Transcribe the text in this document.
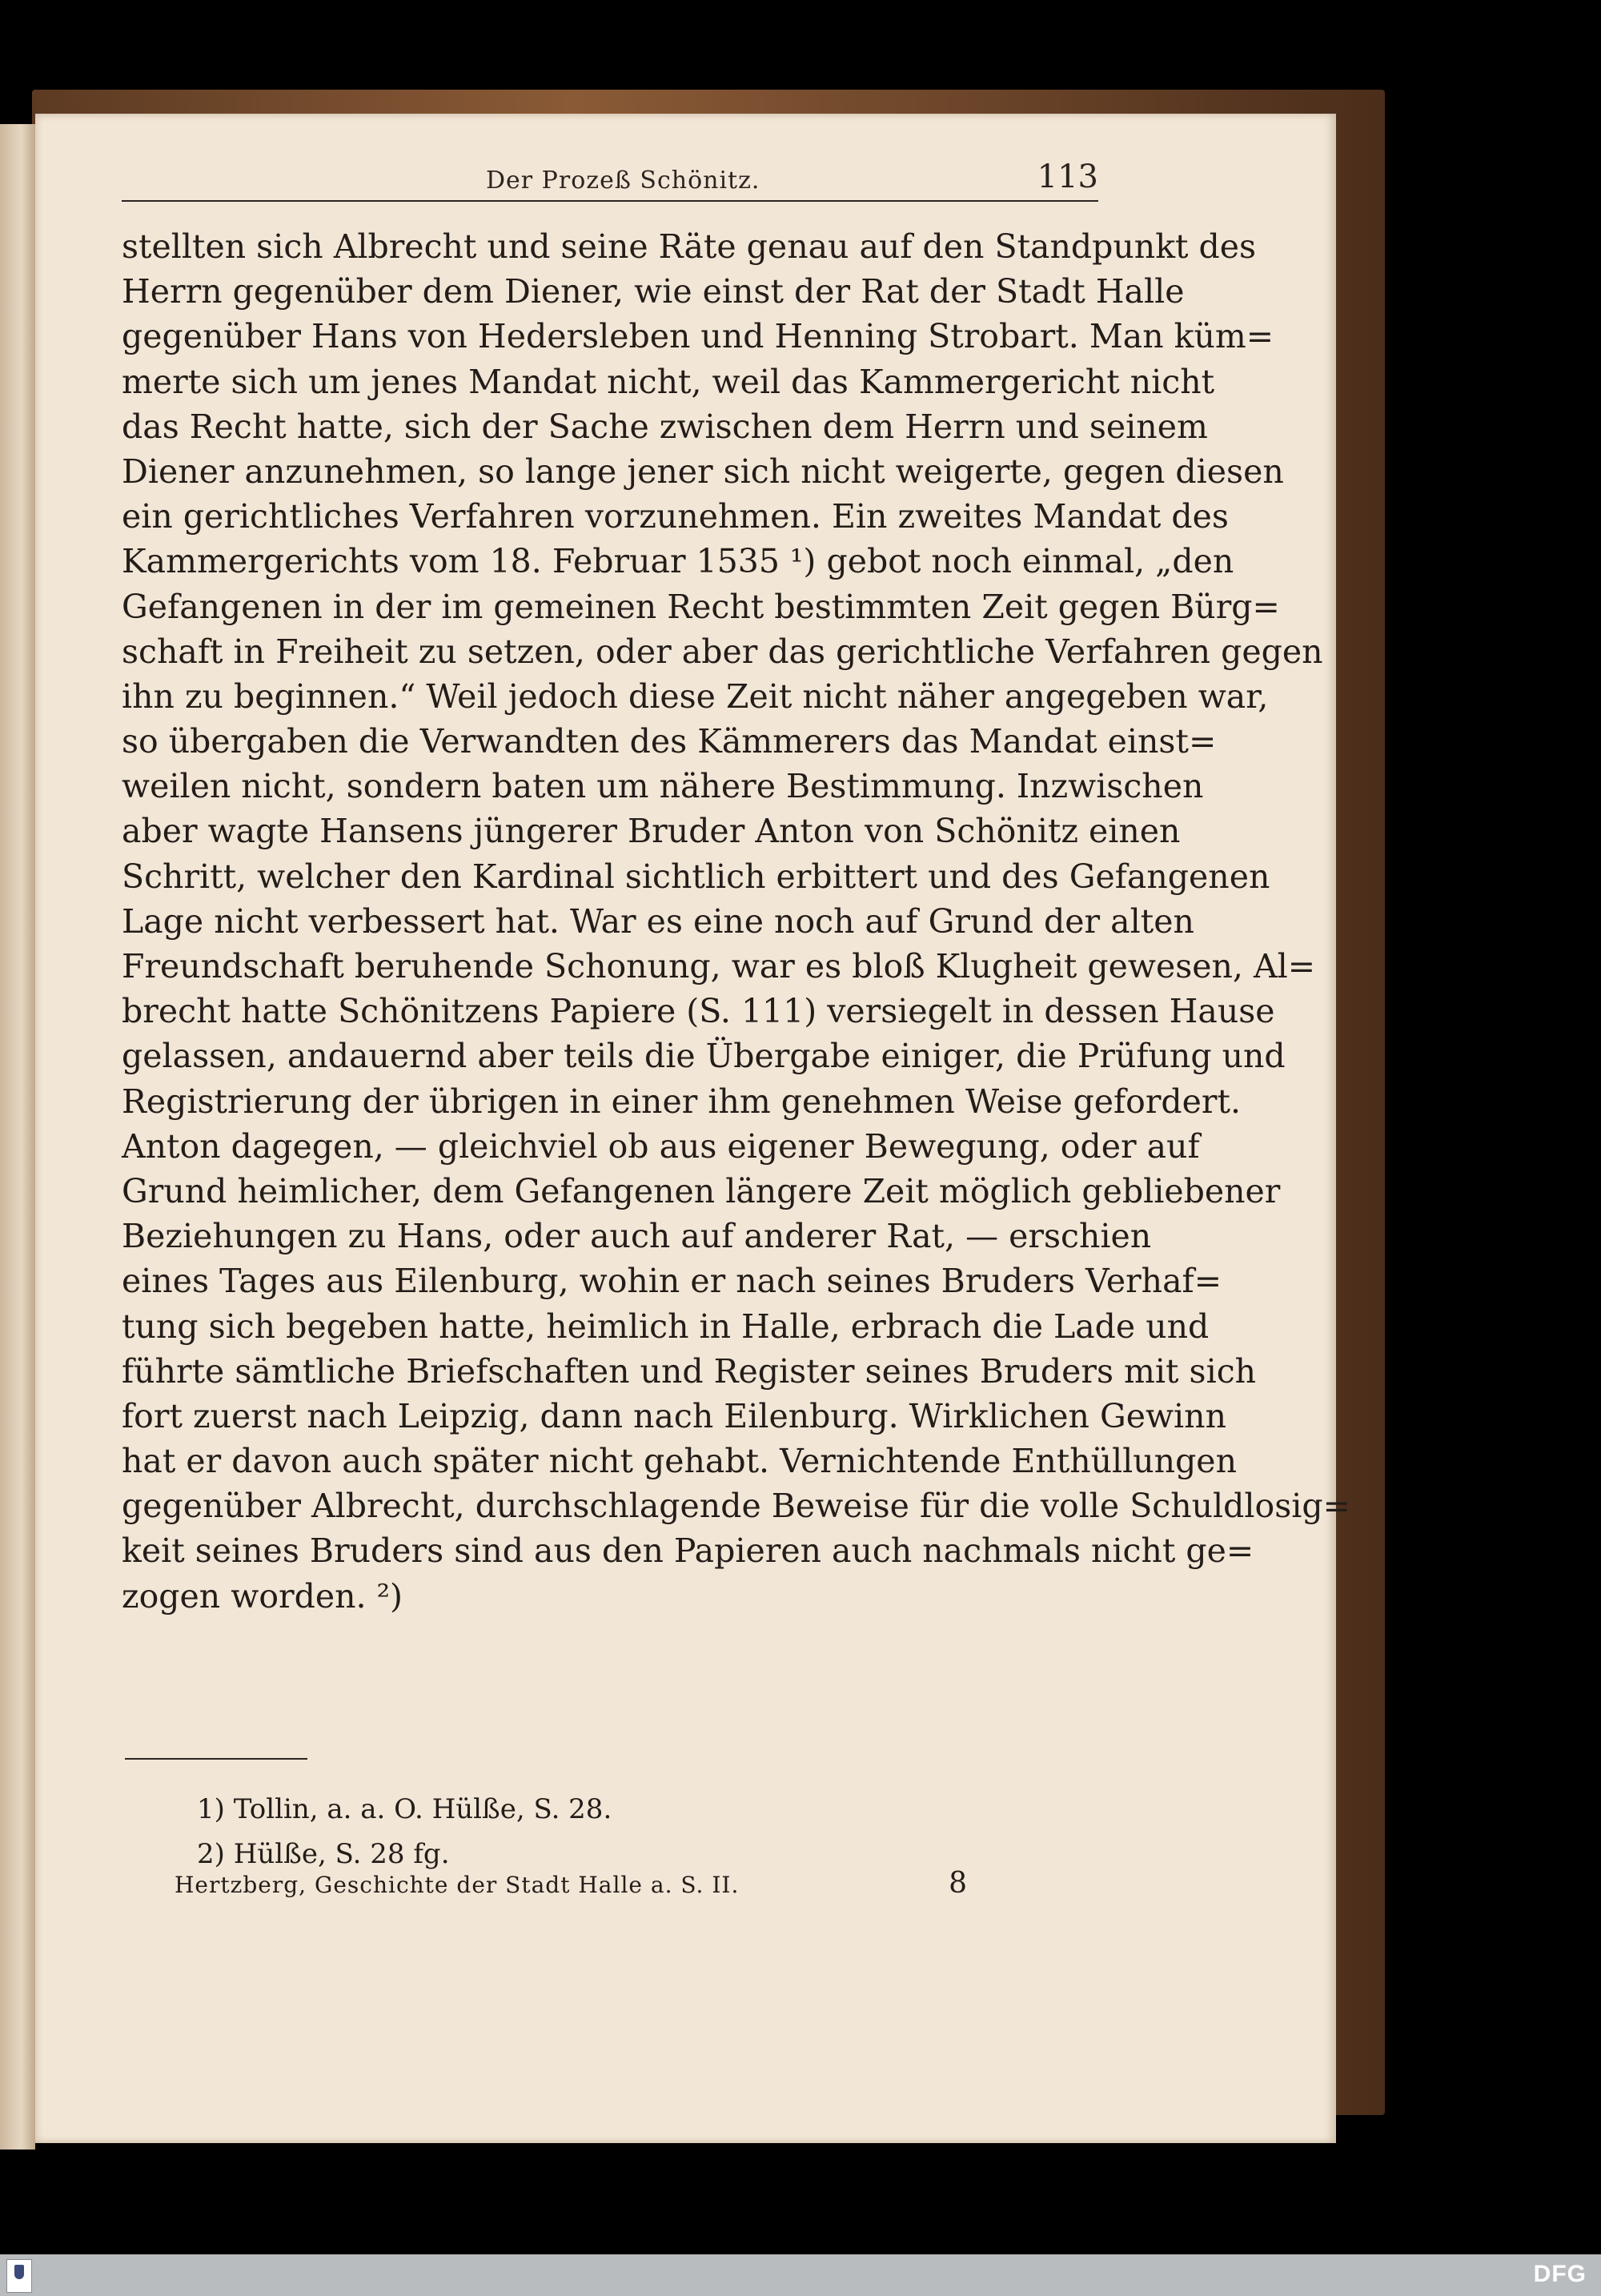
Der Prozeß Schönitz.	113
stellten sich Albrecht und seine Räte genau auf den Standpunkt des
Herrn gegenüber dem Diener, wie einst der Rat der Stadt Halle
gegenüber Hans von Hedersleben und Henning Strobart. Man küm=
merte sich um jenes Mandat nicht, weil das Kammergericht nicht
das Recht hatte, sich der Sache zwischen dem Herrn und seinem
Diener anzunehmen, so lange jener sich nicht weigerte, gegen diesen
ein gerichtliches Verfahren vorzunehmen. Ein zweites Mandat des
Kammergerichts vom 18. Februar 1535 ¹) gebot noch einmal, „den
Gefangenen in der im gemeinen Recht bestimmten Zeit gegen Bürg=
schaft in Freiheit zu setzen, oder aber das gerichtliche Verfahren gegen
ihn zu beginnen.“ Weil jedoch diese Zeit nicht näher angegeben war,
so übergaben die Verwandten des Kämmerers das Mandat einst=
weilen nicht, sondern baten um nähere Bestimmung. Inzwischen
aber wagte Hansens jüngerer Bruder Anton von Schönitz einen
Schritt, welcher den Kardinal sichtlich erbittert und des Gefangenen
Lage nicht verbessert hat. War es eine noch auf Grund der alten
Freundschaft beruhende Schonung, war es bloß Klugheit gewesen, Al=
brecht hatte Schönitzens Papiere (S. 111) versiegelt in dessen Hause
gelassen, andauernd aber teils die Übergabe einiger, die Prüfung und
Registrierung der übrigen in einer ihm genehmen Weise gefordert.
Anton dagegen, — gleichviel ob aus eigener Bewegung, oder auf
Grund heimlicher, dem Gefangenen längere Zeit möglich gebliebener
Beziehungen zu Hans, oder auch auf anderer Rat, — erschien
eines Tages aus Eilenburg, wohin er nach seines Bruders Verhaf=
tung sich begeben hatte, heimlich in Halle, erbrach die Lade und
führte sämtliche Briefschaften und Register seines Bruders mit sich
fort zuerst nach Leipzig, dann nach Eilenburg. Wirklichen Gewinn
hat er davon auch später nicht gehabt. Vernichtende Enthüllungen
gegenüber Albrecht, durchschlagende Beweise für die volle Schuldlosig=
keit seines Bruders sind aus den Papieren auch nachmals nicht ge=
zogen worden. ²)
1) Tollin, a. a. O. Hülße, S. 28.
2) Hülße, S. 28 fg.
Hertzberg, Geschichte der Stadt Halle a. S. II.	8
DFG
